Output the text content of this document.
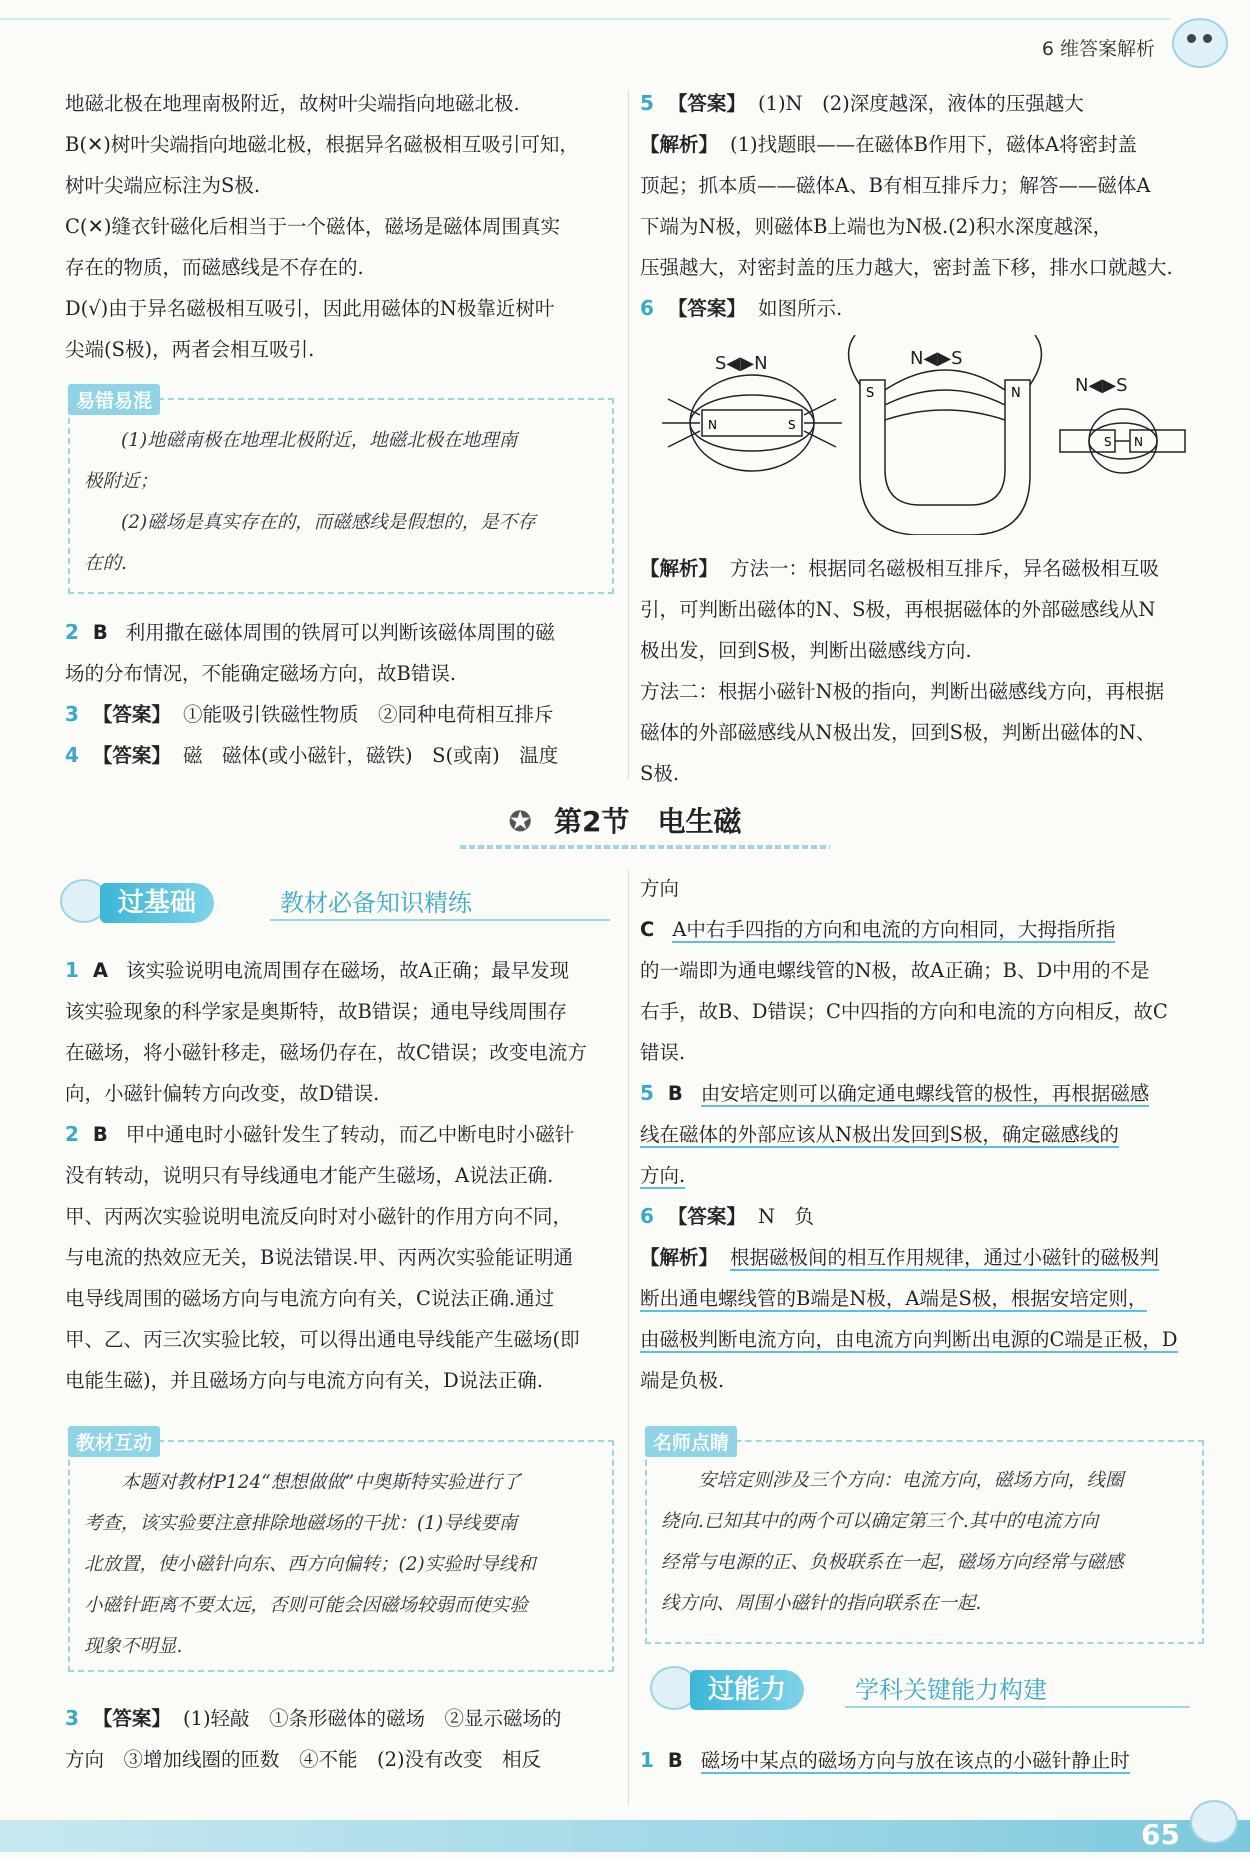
6 维答案解析

地磁北极在地理南极附近，故树叶尖端指向地磁北极.

B(✕)树叶尖端指向地磁北极，根据异名磁极相互吸引可知，

树叶尖端应标注为S极.

C(✕)缝衣针磁化后相当于一个磁体，磁场是磁体周围真实

存在的物质，而磁感线是不存在的.

D(√)由于异名磁极相互吸引，因此用磁体的N极靠近树叶

尖端(S极)，两者会相互吸引.

易错易混
(1)地磁南极在地理北极附近，地磁北极在地理南
极附近；
(2)磁场是真实存在的，而磁感线是假想的，是不存
在的.

2 B 利用撒在磁体周围的铁屑可以判断该磁体周围的磁

场的分布情况，不能确定磁场方向，故B错误.

3 【答案】 ①能吸引铁磁性物质　②同种电荷相互排斥

4 【答案】 磁　磁体(或小磁针，磁铁)　S(或南)　温度

5 【答案】 (1)N　(2)深度越深，液体的压强越大

【解析】 (1)找题眼——在磁体B作用下，磁体A将密封盖

顶起；抓本质——磁体A、B有相互排斥力；解答——磁体A

下端为N极，则磁体B上端也为N极.(2)积水深度越深，

压强越大，对密封盖的压力越大，密封盖下移，排水口就越大.

6 【答案】 如图所示.

S◀▶N	N◀▶S
N◀▶S
N	S
S	N
S N

【解析】 方法一：根据同名磁极相互排斥，异名磁极相互吸

引，可判断出磁体的N、S极，再根据磁体的外部磁感线从N

极出发，回到S极，判断出磁感线方向.

方法二：根据小磁针N极的指向，判断出磁感线方向，再根据

磁体的外部磁感线从N极出发，回到S极，判断出磁体的N、

S极.

✪ 第2节　电生磁
过基础	教材必备知识精练

1 A 该实验说明电流周围存在磁场，故A正确；最早发现

该实验现象的科学家是奥斯特，故B错误；通电导线周围存

在磁场，将小磁针移走，磁场仍存在，故C错误；改变电流方

向，小磁针偏转方向改变，故D错误.

2 B 甲中通电时小磁针发生了转动，而乙中断电时小磁针

没有转动，说明只有导线通电才能产生磁场，A说法正确.

甲、丙两次实验说明电流反向时对小磁针的作用方向不同，

与电流的热效应无关，B说法错误.甲、丙两次实验能证明通

电导线周围的磁场方向与电流方向有关，C说法正确.通过

甲、乙、丙三次实验比较，可以得出通电导线能产生磁场(即

电能生磁)，并且磁场方向与电流方向有关，D说法正确.

教材互动
本题对教材P124“想想做做”中奥斯特实验进行了
考查，该实验要注意排除地磁场的干扰：(1)导线要南
北放置，使小磁针向东、西方向偏转；(2)实验时导线和
小磁针距离不要太远，否则可能会因磁场较弱而使实验
现象不明显.

3 【答案】 (1)轻敲　①条形磁体的磁场　②显示磁场的

方向　③增加线圈的匝数　④不能　(2)没有改变　相反

方向

C A中右手四指的方向和电流的方向相同，大拇指所指

的一端即为通电螺线管的N极，故A正确；B、D中用的不是

右手，故B、D错误；C中四指的方向和电流的方向相反，故C

错误.

5 B 由安培定则可以确定通电螺线管的极性，再根据磁感

线在磁体的外部应该从N极出发回到S极，确定磁感线的

方向.

6 【答案】 N　负

【解析】 根据磁极间的相互作用规律，通过小磁针的磁极判

断出通电螺线管的B端是N极，A端是S极，根据安培定则，

由磁极判断电流方向，由电流方向判断出电源的C端是正极，D

端是负极.

名师点睛
安培定则涉及三个方向：电流方向，磁场方向，线圈
绕向.已知其中的两个可以确定第三个.其中的电流方向
经常与电源的正、负极联系在一起，磁场方向经常与磁感
线方向、周围小磁针的指向联系在一起.
过能力	学科关键能力构建

1 B 磁场中某点的磁场方向与放在该点的小磁针静止时

65
